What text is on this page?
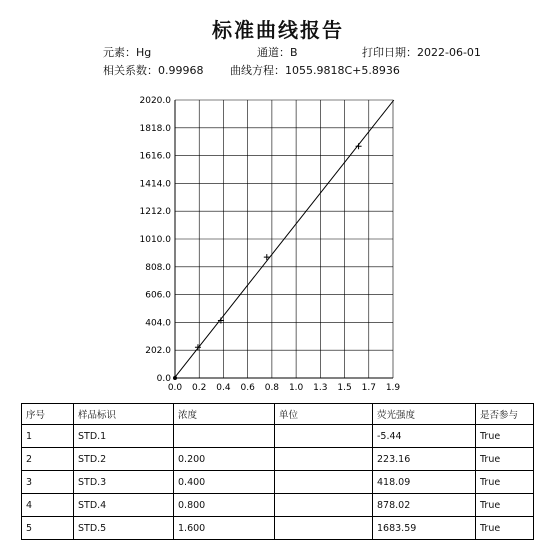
标准曲线报告
元素：Hg	通道：B	打印日期：2022-06-01
相关系数：0.99968 曲线方程：1055.9818C+5.8936
0.0 0.2 0.4 0.6 0.8 1.0 1.3 1.5 1.7 1.9
0.0
202.0
404.0
606.0
808.0
1010.0
1212.0
1414.0
1616.0
1818.0
2020.0
序号	样品标识	浓度	单位	荧光强度	是否参与
1	STD.1			-5.44	True
2	STD.2	0.200		223.16	True
3	STD.3	0.400		418.09	True
4	STD.4	0.800		878.02	True
5	STD.5	1.600		1683.59	True
